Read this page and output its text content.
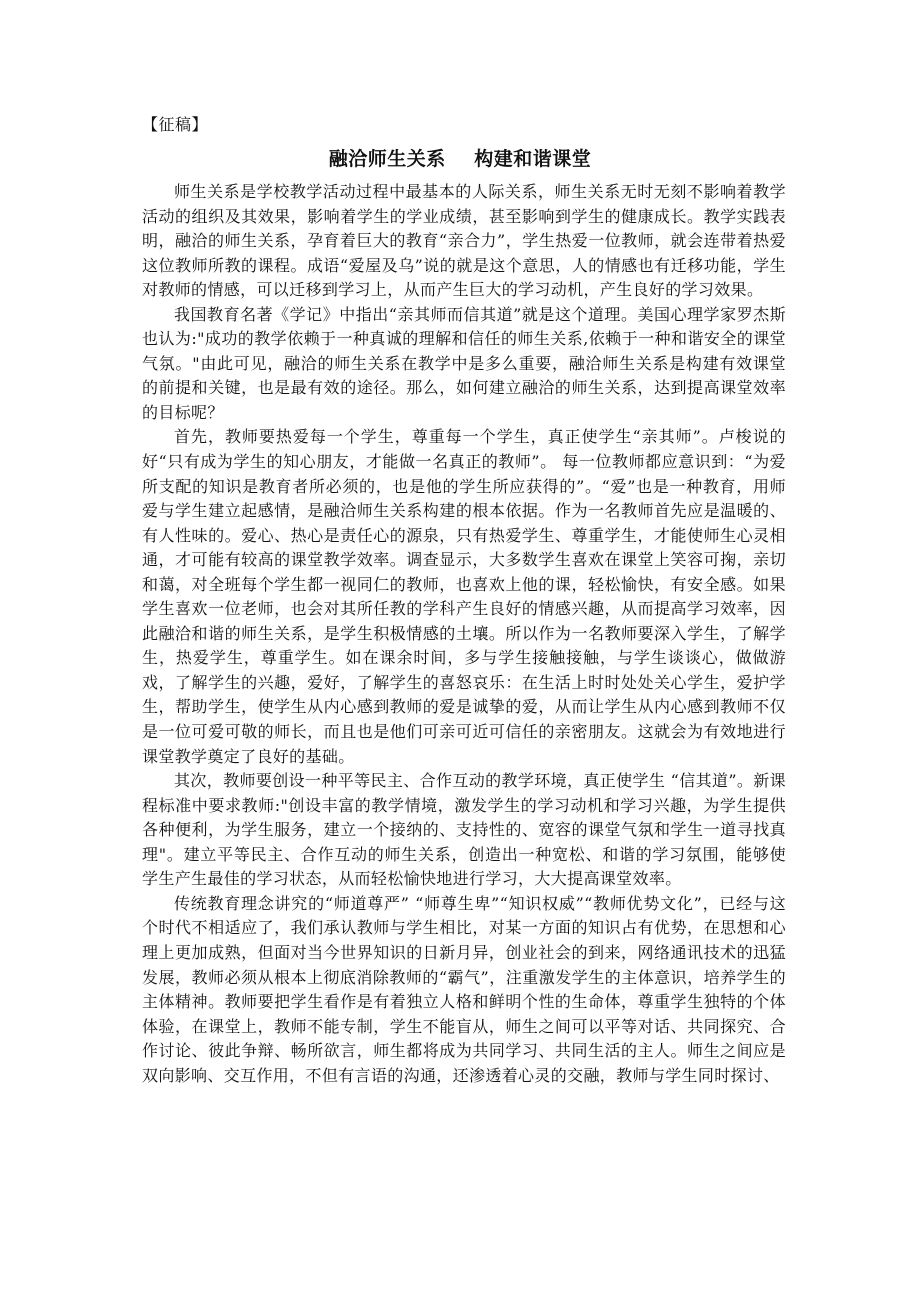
【征稿】
融洽师生关系    构建和谐课堂

师生关系是学校教学活动过程中最基本的人际关系，师生关系无时无刻不影响着教学活动的组织及其效果，影响着学生的学业成绩，甚至影响到学生的健康成长。教学实践表明，融洽的师生关系，孕育着巨大的教育“亲合力”，学生热爱一位教师，就会连带着热爱这位教师所教的课程。成语“爱屋及乌”说的就是这个意思，人的情感也有迁移功能，学生对教师的情感，可以迁移到学习上，从而产生巨大的学习动机，产生良好的学习效果。

我国教育名著《学记》中指出“亲其师而信其道”就是这个道理。美国心理学家罗杰斯也认为:"成功的教学依赖于一种真诚的理解和信任的师生关系,依赖于一种和谐安全的课堂气氛。"由此可见，融洽的师生关系在教学中是多么重要，融洽师生关系是构建有效课堂的前提和关键，也是最有效的途径。那么，如何建立融洽的师生关系，达到提高课堂效率的目标呢？

首先，教师要热爱每一个学生，尊重每一个学生，真正使学生“亲其师”。卢梭说的好“只有成为学生的知心朋友，才能做一名真正的教师”。 每一位教师都应意识到：“为爱所支配的知识是教育者所必须的，也是他的学生所应获得的”。“爱”也是一种教育，用师爱与学生建立起感情，是融洽师生关系构建的根本依据。作为一名教师首先应是温暖的、有人性味的。爱心、热心是责任心的源泉，只有热爱学生、尊重学生，才能使师生心灵相通，才可能有较高的课堂教学效率。调查显示，大多数学生喜欢在课堂上笑容可掬，亲切和蔼，对全班每个学生都一视同仁的教师，也喜欢上他的课，轻松愉快，有安全感。如果学生喜欢一位老师，也会对其所任教的学科产生良好的情感兴趣，从而提高学习效率，因此融洽和谐的师生关系，是学生积极情感的土壤。所以作为一名教师要深入学生，了解学生，热爱学生，尊重学生。如在课余时间，多与学生接触接触，与学生谈谈心，做做游戏，了解学生的兴趣，爱好，了解学生的喜怒哀乐：在生活上时时处处关心学生，爱护学生，帮助学生，使学生从内心感到教师的爱是诚挚的爱，从而让学生从内心感到教师不仅是一位可爱可敬的师长，而且也是他们可亲可近可信任的亲密朋友。这就会为有效地进行课堂教学奠定了良好的基础。

其次，教师要创设一种平等民主、合作互动的教学环境，真正使学生 “信其道”。新课程标准中要求教师:"创设丰富的教学情境，激发学生的学习动机和学习兴趣，为学生提供各种便利，为学生服务，建立一个接纳的、支持性的、宽容的课堂气氛和学生一道寻找真理"。建立平等民主、合作互动的师生关系，创造出一种宽松、和谐的学习氛围，能够使学生产生最佳的学习状态，从而轻松愉快地进行学习，大大提高课堂效率。

传统教育理念讲究的“师道尊严” “师尊生卑”“知识权威”“教师优势文化”，已经与这个时代不相适应了，我们承认教师与学生相比，对某一方面的知识占有优势，在思想和心理上更加成熟，但面对当今世界知识的日新月异，创业社会的到来，网络通讯技术的迅猛发展，教师必须从根本上彻底消除教师的“霸气”，注重激发学生的主体意识，培养学生的主体精神。教师要把学生看作是有着独立人格和鲜明个性的生命体，尊重学生独特的个体体验，在课堂上，教师不能专制，学生不能盲从，师生之间可以平等对话、共同探究、合作讨论、彼此争辩、畅所欲言，师生都将成为共同学习、共同生活的主人。师生之间应是双向影响、交互作用，不但有言语的沟通，还渗透着心灵的交融，教师与学生同时探讨、
